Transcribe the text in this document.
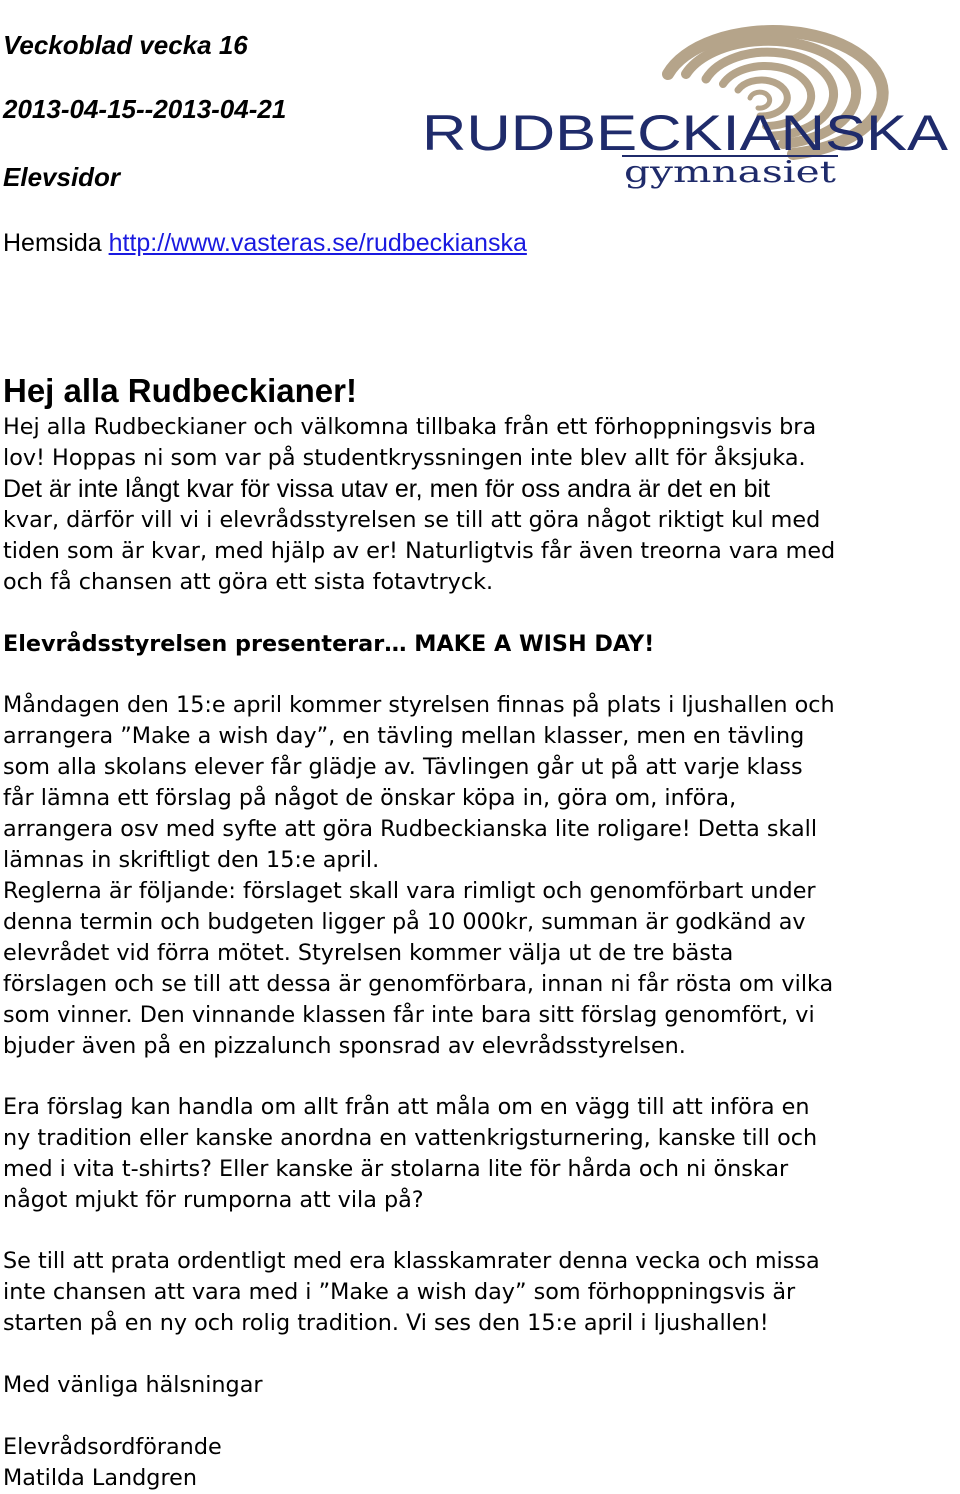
Veckoblad vecka 16
2013-04-15--2013-04-21
Elevsidor
Hemsida http://www.vasteras.se/rudbeckianska
RUDBECKIANSKA
gymnasiet
Hej alla Rudbeckianer!
Hej alla Rudbeckianer och välkomna tillbaka från ett förhoppningsvis bra
lov! Hoppas ni som var på studentkryssningen inte blev allt för åksjuka.
Det är inte långt kvar för vissa utav er, men för oss andra är det en bit
kvar, därför vill vi i elevrådsstyrelsen se till att göra något riktigt kul med
tiden som är kvar, med hjälp av er! Naturligtvis får även treorna vara med
och få chansen att göra ett sista fotavtryck.
Elevrådsstyrelsen presenterar… MAKE A WISH DAY!
Måndagen den 15:e april kommer styrelsen finnas på plats i ljushallen och
arrangera ”Make a wish day”, en tävling mellan klasser, men en tävling
som alla skolans elever får glädje av. Tävlingen går ut på att varje klass
får lämna ett förslag på något de önskar köpa in, göra om, införa,
arrangera osv med syfte att göra Rudbeckianska lite roligare! Detta skall
lämnas in skriftligt den 15:e april.
Reglerna är följande: förslaget skall vara rimligt och genomförbart under
denna termin och budgeten ligger på 10 000kr, summan är godkänd av
elevrådet vid förra mötet. Styrelsen kommer välja ut de tre bästa
förslagen och se till att dessa är genomförbara, innan ni får rösta om vilka
som vinner. Den vinnande klassen får inte bara sitt förslag genomfört, vi
bjuder även på en pizzalunch sponsrad av elevrådsstyrelsen.
Era förslag kan handla om allt från att måla om en vägg till att införa en
ny tradition eller kanske anordna en vattenkrigsturnering, kanske till och
med i vita t-shirts? Eller kanske är stolarna lite för hårda och ni önskar
något mjukt för rumporna att vila på?
Se till att prata ordentligt med era klasskamrater denna vecka och missa
inte chansen att vara med i ”Make a wish day” som förhoppningsvis är
starten på en ny och rolig tradition. Vi ses den 15:e april i ljushallen!
Med vänliga hälsningar
Elevrådsordförande
Matilda Landgren
